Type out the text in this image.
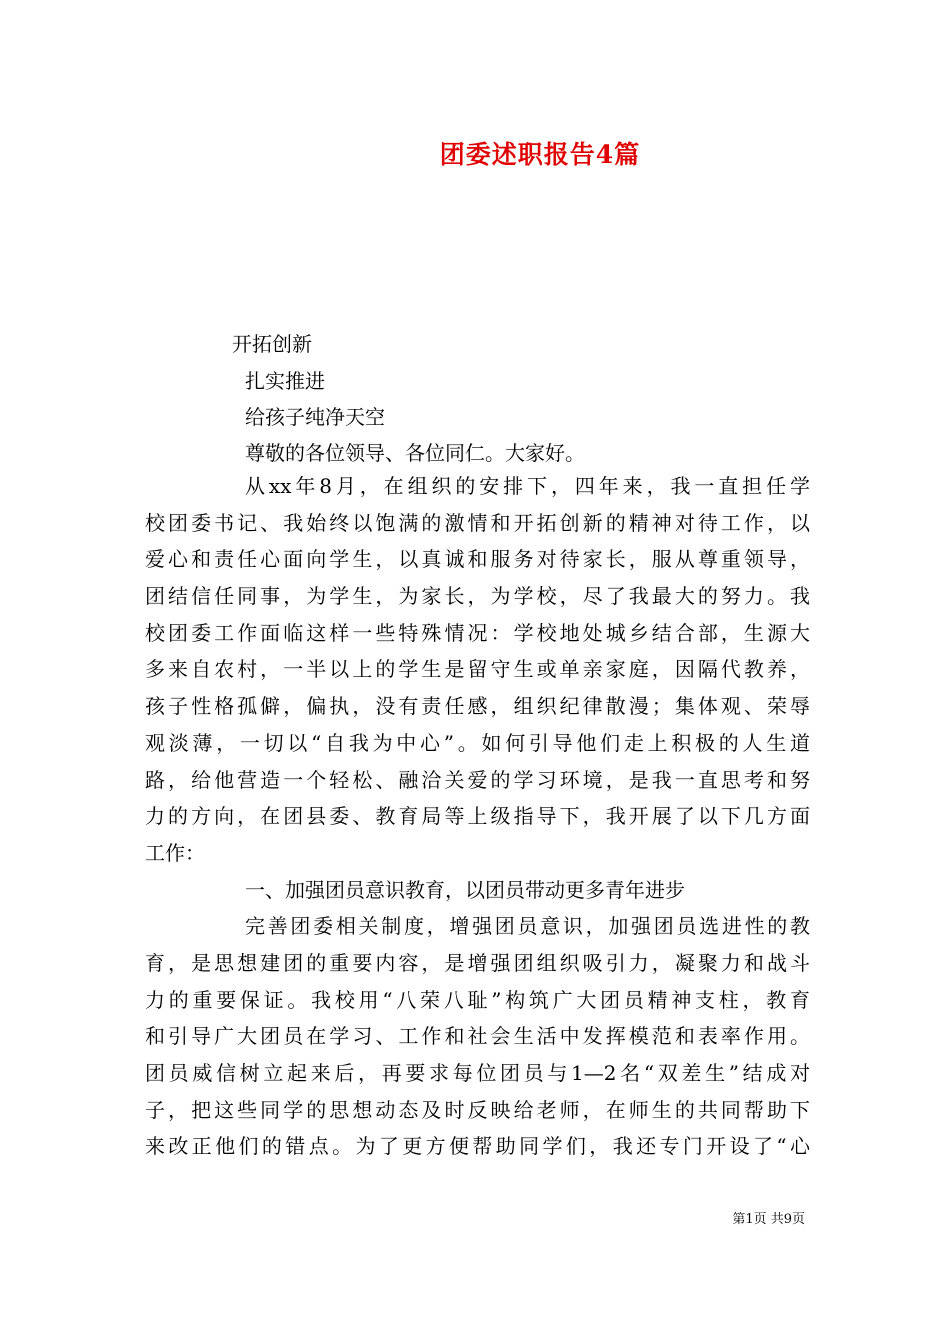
团委述职报告4篇
开拓创新
扎实推进
给孩子纯净天空
尊敬的各位领导、各位同仁。大家好。
从xx年8月，在组织的安排下，四年来，我一直担任学
校团委书记、我始终以饱满的激情和开拓创新的精神对待工作，以
爱心和责任心面向学生，以真诚和服务对待家长，服从尊重领导，
团结信任同事，为学生，为家长，为学校，尽了我最大的努力。我
校团委工作面临这样一些特殊情况：学校地处城乡结合部，生源大
多来自农村，一半以上的学生是留守生或单亲家庭，因隔代教养，
孩子性格孤僻，偏执，没有责任感，组织纪律散漫；集体观、荣辱
观淡薄，一切以“自我为中心”。如何引导他们走上积极的人生道
路，给他营造一个轻松、融洽关爱的学习环境，是我一直思考和努
力的方向，在团县委、教育局等上级指导下，我开展了以下几方面
工作：
一、加强团员意识教育，以团员带动更多青年进步
完善团委相关制度，增强团员意识，加强团员选进性的教
育，是思想建团的重要内容，是增强团组织吸引力，凝聚力和战斗
力的重要保证。我校用“八荣八耻”构筑广大团员精神支柱，教育
和引导广大团员在学习、工作和社会生活中发挥模范和表率作用。
团员威信树立起来后，再要求每位团员与1—2名“双差生”结成对
子，把这些同学的思想动态及时反映给老师，在师生的共同帮助下
来改正他们的错点。为了更方便帮助同学们，我还专门开设了“心
第1页 共9页
